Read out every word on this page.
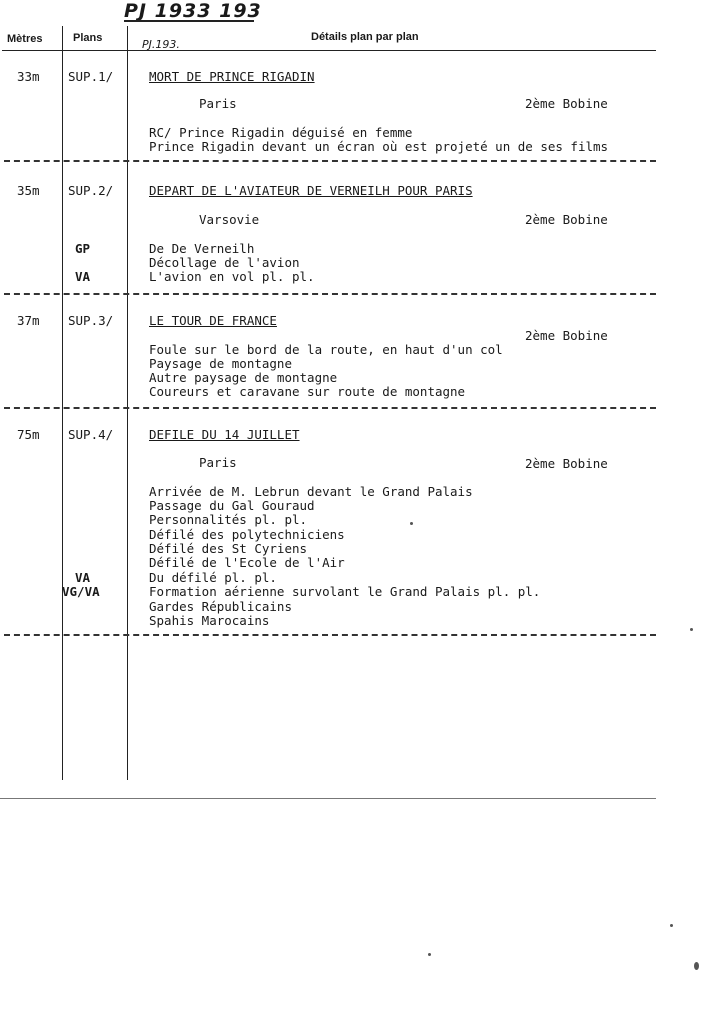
PJ 1933 193
Mètres	Plans	PJ.193.
Détails plan par plan
33m SUP.1/	MORT DE PRINCE RIGADIN
Paris	2ème Bobine
RC/ Prince Rigadin déguisé en femme
Prince Rigadin devant un écran où est projeté un de ses films
35m SUP.2/	DEPART DE L'AVIATEUR DE VERNEILH POUR PARIS
Varsovie	2ème Bobine
GP	De De Verneilh
Décollage de l'avion
VA	L'avion en vol pl. pl.
37m SUP.3/	LE TOUR DE FRANCE
2ème Bobine
Foule sur le bord de la route, en haut d'un col
Paysage de montagne
Autre paysage de montagne
Coureurs et caravane sur route de montagne
75m SUP.4/	DEFILE DU 14 JUILLET
Paris	2ème Bobine
Arrivée de M. Lebrun devant le Grand Palais
Passage du Gal Gouraud
Personnalités pl. pl.
Défilé des polytechniciens
Défilé des St Cyriens
Défilé de l'Ecole de l'Air
VA	Du défilé pl. pl.
VG/VA	Formation aérienne survolant le Grand Palais pl. pl.
Gardes Républicains
Spahis Marocains
